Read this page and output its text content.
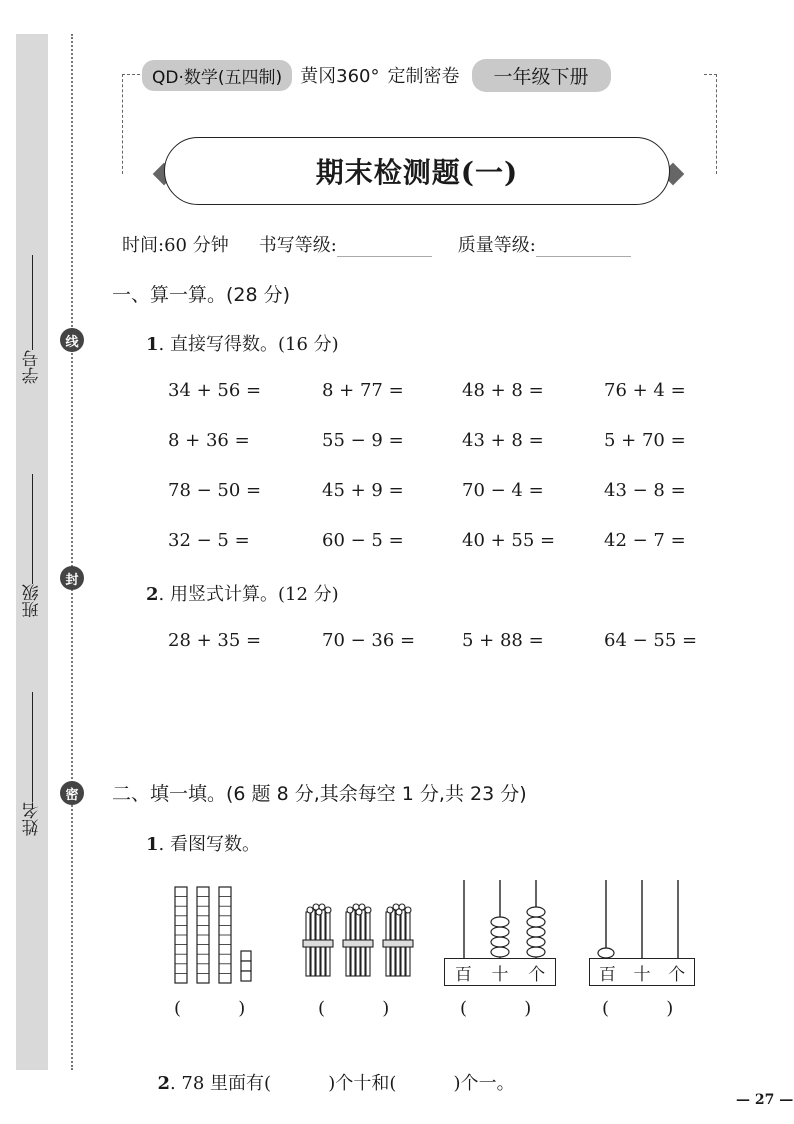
学号
班级
姓名
线
封
密
QD·数学(五四制)	黄冈360° 定制密卷	一年级下册
期末检测题(一)
时间:60 分钟 书写等级:	质量等级:
一、算一算。(28 分)
1. 直接写得数。(16 分)
34 + 56 =	8 + 77 =	48 + 8 =	76 + 4 =
8 + 36 =	55 − 9 =	43 + 8 =	5 + 70 =
78 − 50 =	45 + 9 =	70 − 4 =	43 − 8 =
32 − 5 =	60 − 5 =	40 + 55 =	42 − 7 =
2. 用竖式计算。(12 分)
28 + 35 =	70 − 36 =	5 + 88 =	64 − 55 =
二、填一填。(6 题 8 分,其余每空 1 分,共 23 分)
1. 看图写数。
百 十 个	百 十 个
(          )	(          )	(          )	(          )

2. 78 里面有(          )个十和(          )个一。

— 27 —
